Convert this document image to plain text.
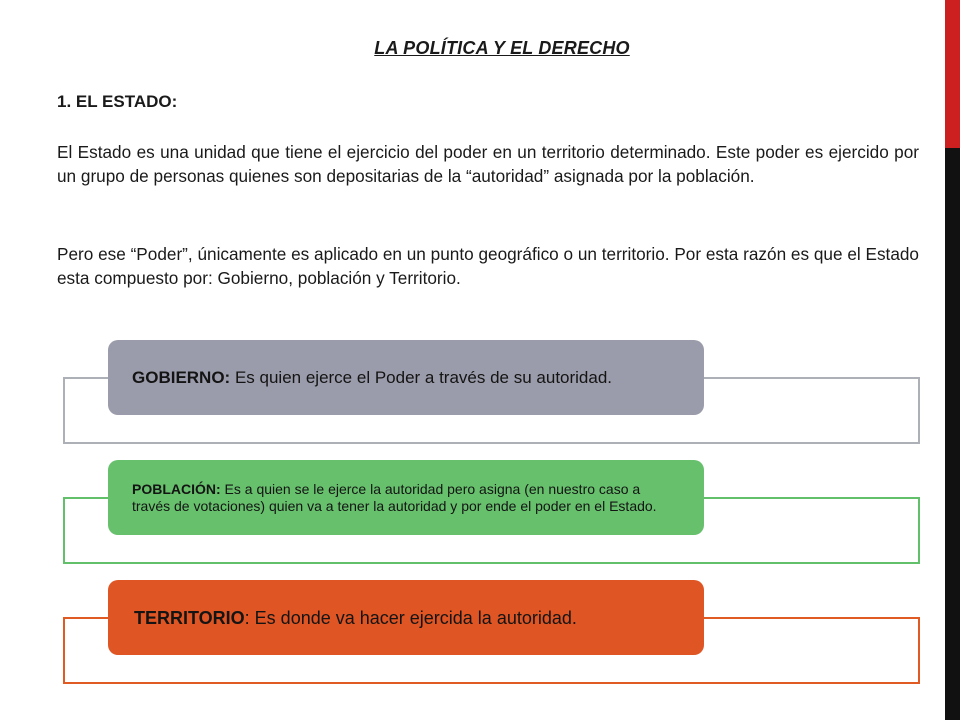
LA POLÍTICA Y EL DERECHO
1. EL ESTADO:

El Estado es una unidad que tiene el ejercicio del poder en un territorio determinado. Este poder es ejercido por un grupo de personas quienes son depositarias de la “autoridad” asignada por la población.

Pero ese “Poder”, únicamente es aplicado en un punto geográfico o un territorio. Por esta razón es que el Estado esta compuesto por: Gobierno, población y Territorio.

GOBIERNO: Es quien ejerce el Poder a través de su autoridad.

POBLACIÓN: Es a quien se le ejerce la autoridad pero asigna (en nuestro caso a través de votaciones) quien va a tener la autoridad y por ende el poder en el Estado.

TERRITORIO: Es donde va hacer ejercida la autoridad.
